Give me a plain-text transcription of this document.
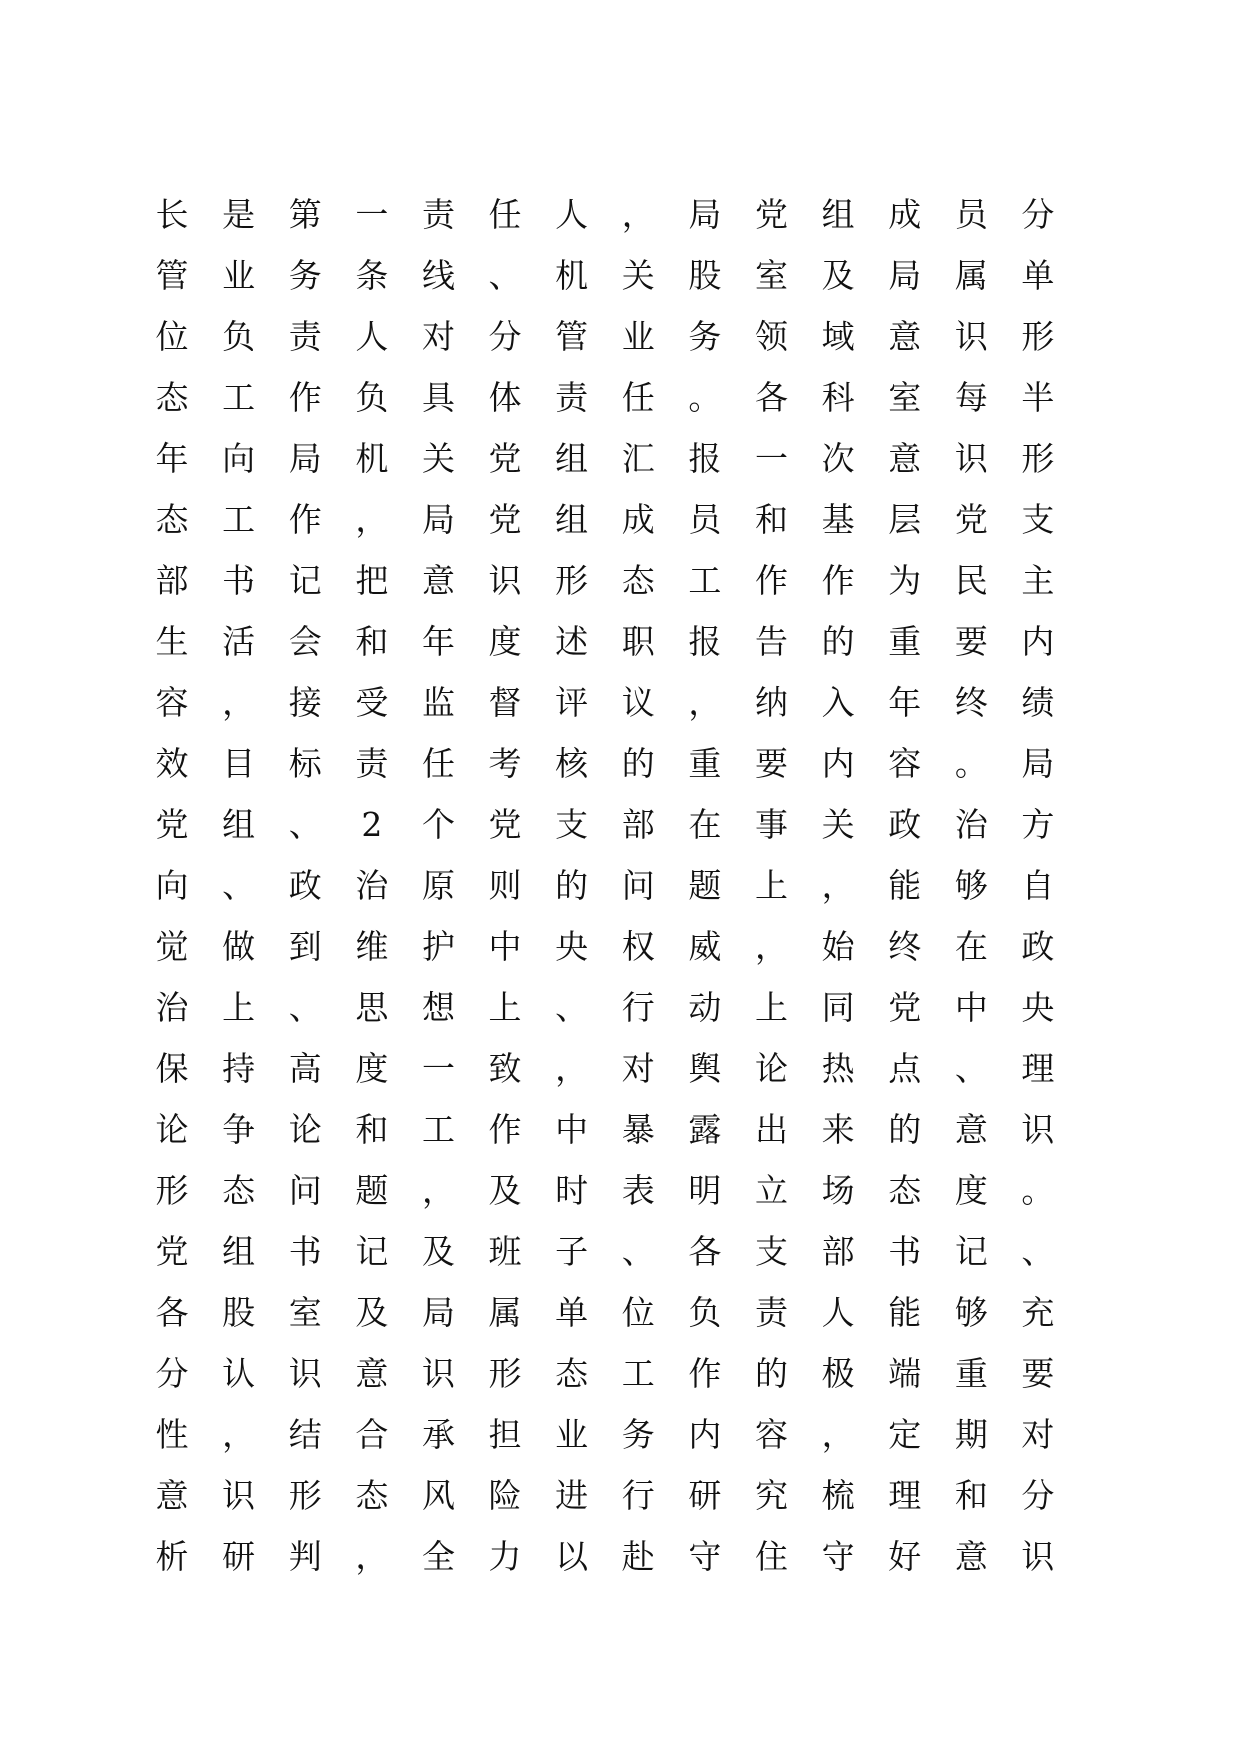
长 是 第 一 责 任 人 ， 局 党 组 成 员 分
管 业 务 条 线 、 机 关 股 室 及 局 属 单
位 负 责 人 对 分 管 业 务 领 域 意 识 形
态 工 作 负 具 体 责 任 。 各 科 室 每 半
年 向 局 机 关 党 组 汇 报 一 次 意 识 形
态 工 作 ， 局 党 组 成 员 和 基 层 党 支
部 书 记 把 意 识 形 态 工 作 作 为 民 主
生 活 会 和 年 度 述 职 报 告 的 重 要 内
容 ， 接 受 监 督 评 议 ， 纳 入 年 终 绩
效 目 标 责 任 考 核 的 重 要 内 容 。 局
党 组 、 2 个 党 支 部 在 事 关 政 治 方
向 、 政 治 原 则 的 问 题 上 ， 能 够 自
觉 做 到 维 护 中 央 权 威 ， 始 终 在 政
治 上 、 思 想 上 、 行 动 上 同 党 中 央
保 持 高 度 一 致 ， 对 舆 论 热 点 、 理
论 争 论 和 工 作 中 暴 露 出 来 的 意 识
形 态 问 题 ， 及 时 表 明 立 场 态 度 。
党 组 书 记 及 班 子 、 各 支 部 书 记 、
各 股 室 及 局 属 单 位 负 责 人 能 够 充
分 认 识 意 识 形 态 工 作 的 极 端 重 要
性 ， 结 合 承 担 业 务 内 容 ， 定 期 对
意 识 形 态 风 险 进 行 研 究 梳 理 和 分
析 研 判 ， 全 力 以 赴 守 住 守 好 意 识
